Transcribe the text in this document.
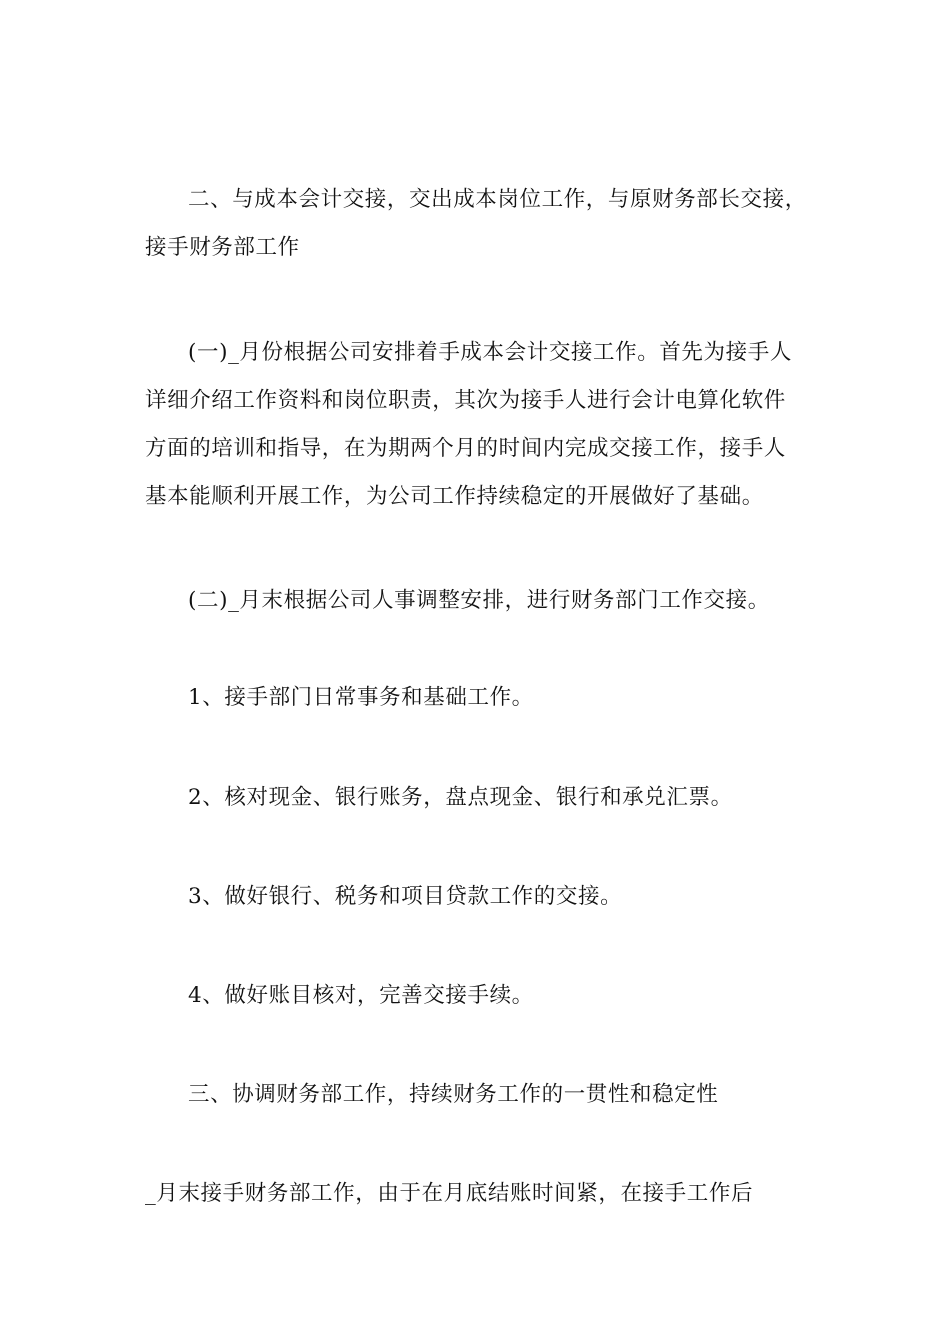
二、与成本会计交接，交出成本岗位工作，与原财务部长交接，
接手财务部工作

(一)_月份根据公司安排着手成本会计交接工作。首先为接手人
详细介绍工作资料和岗位职责，其次为接手人进行会计电算化软件
方面的培训和指导，在为期两个月的时间内完成交接工作，接手人
基本能顺利开展工作，为公司工作持续稳定的开展做好了基础。

(二)_月末根据公司人事调整安排，进行财务部门工作交接。

1、接手部门日常事务和基础工作。

2、核对现金、银行账务，盘点现金、银行和承兑汇票。

3、做好银行、税务和项目贷款工作的交接。

4、做好账目核对，完善交接手续。

三、协调财务部工作，持续财务工作的一贯性和稳定性

_月末接手财务部工作，由于在月底结账时间紧，在接手工作后
